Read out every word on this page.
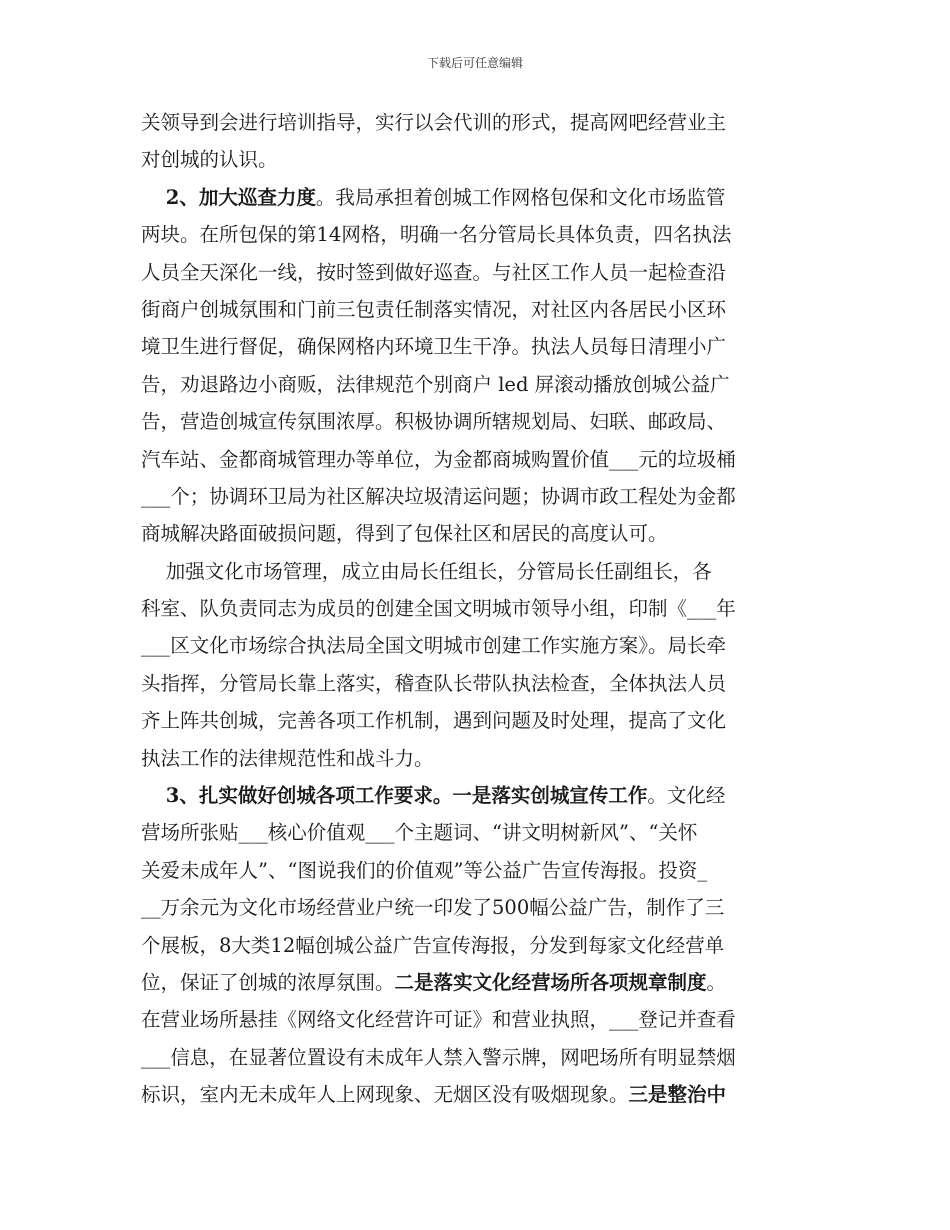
下载后可任意编辑
关领导到会进行培训指导，实行以会代训的形式，提高网吧经营业主
对创城的认识。
2、加大巡查力度。我局承担着创城工作网格包保和文化市场监管
两块。在所包保的第14网格，明确一名分管局长具体负责，四名执法
人员全天深化一线，按时签到做好巡查。与社区工作人员一起检查沿
街商户创城氛围和门前三包责任制落实情况，对社区内各居民小区环
境卫生进行督促，确保网格内环境卫生干净。执法人员每日清理小广
告，劝退路边小商贩，法律规范个别商户 led 屏滚动播放创城公益广
告，营造创城宣传氛围浓厚。积极协调所辖规划局、妇联、邮政局、
汽车站、金都商城管理办等单位，为金都商城购置价值___元的垃圾桶
___个；协调环卫局为社区解决垃圾清运问题；协调市政工程处为金都
商城解决路面破损问题，得到了包保社区和居民的高度认可。
加强文化市场管理，成立由局长任组长，分管局长任副组长，各
科室、队负责同志为成员的创建全国文明城市领导小组，印制《___年
___区文化市场综合执法局全国文明城市创建工作实施方案》。局长牵
头指挥，分管局长靠上落实，稽查队长带队执法检查，全体执法人员
齐上阵共创城，完善各项工作机制，遇到问题及时处理，提高了文化
执法工作的法律规范性和战斗力。
3、扎实做好创城各项工作要求。一是落实创城宣传工作。文化经
营场所张贴___核心价值观___个主题词、“讲文明树新风”、“关怀
关爱未成年人”、“图说我们的价值观”等公益广告宣传海报。投资_
__万余元为文化市场经营业户统一印发了500幅公益广告，制作了三
个展板，8大类12幅创城公益广告宣传海报，分发到每家文化经营单
位，保证了创城的浓厚氛围。二是落实文化经营场所各项规章制度。
在营业场所悬挂《网络文化经营许可证》和营业执照，___登记并查看
___信息，在显著位置设有未成年人禁入警示牌，网吧场所有明显禁烟
标识，室内无未成年人上网现象、无烟区没有吸烟现象。三是整治中
